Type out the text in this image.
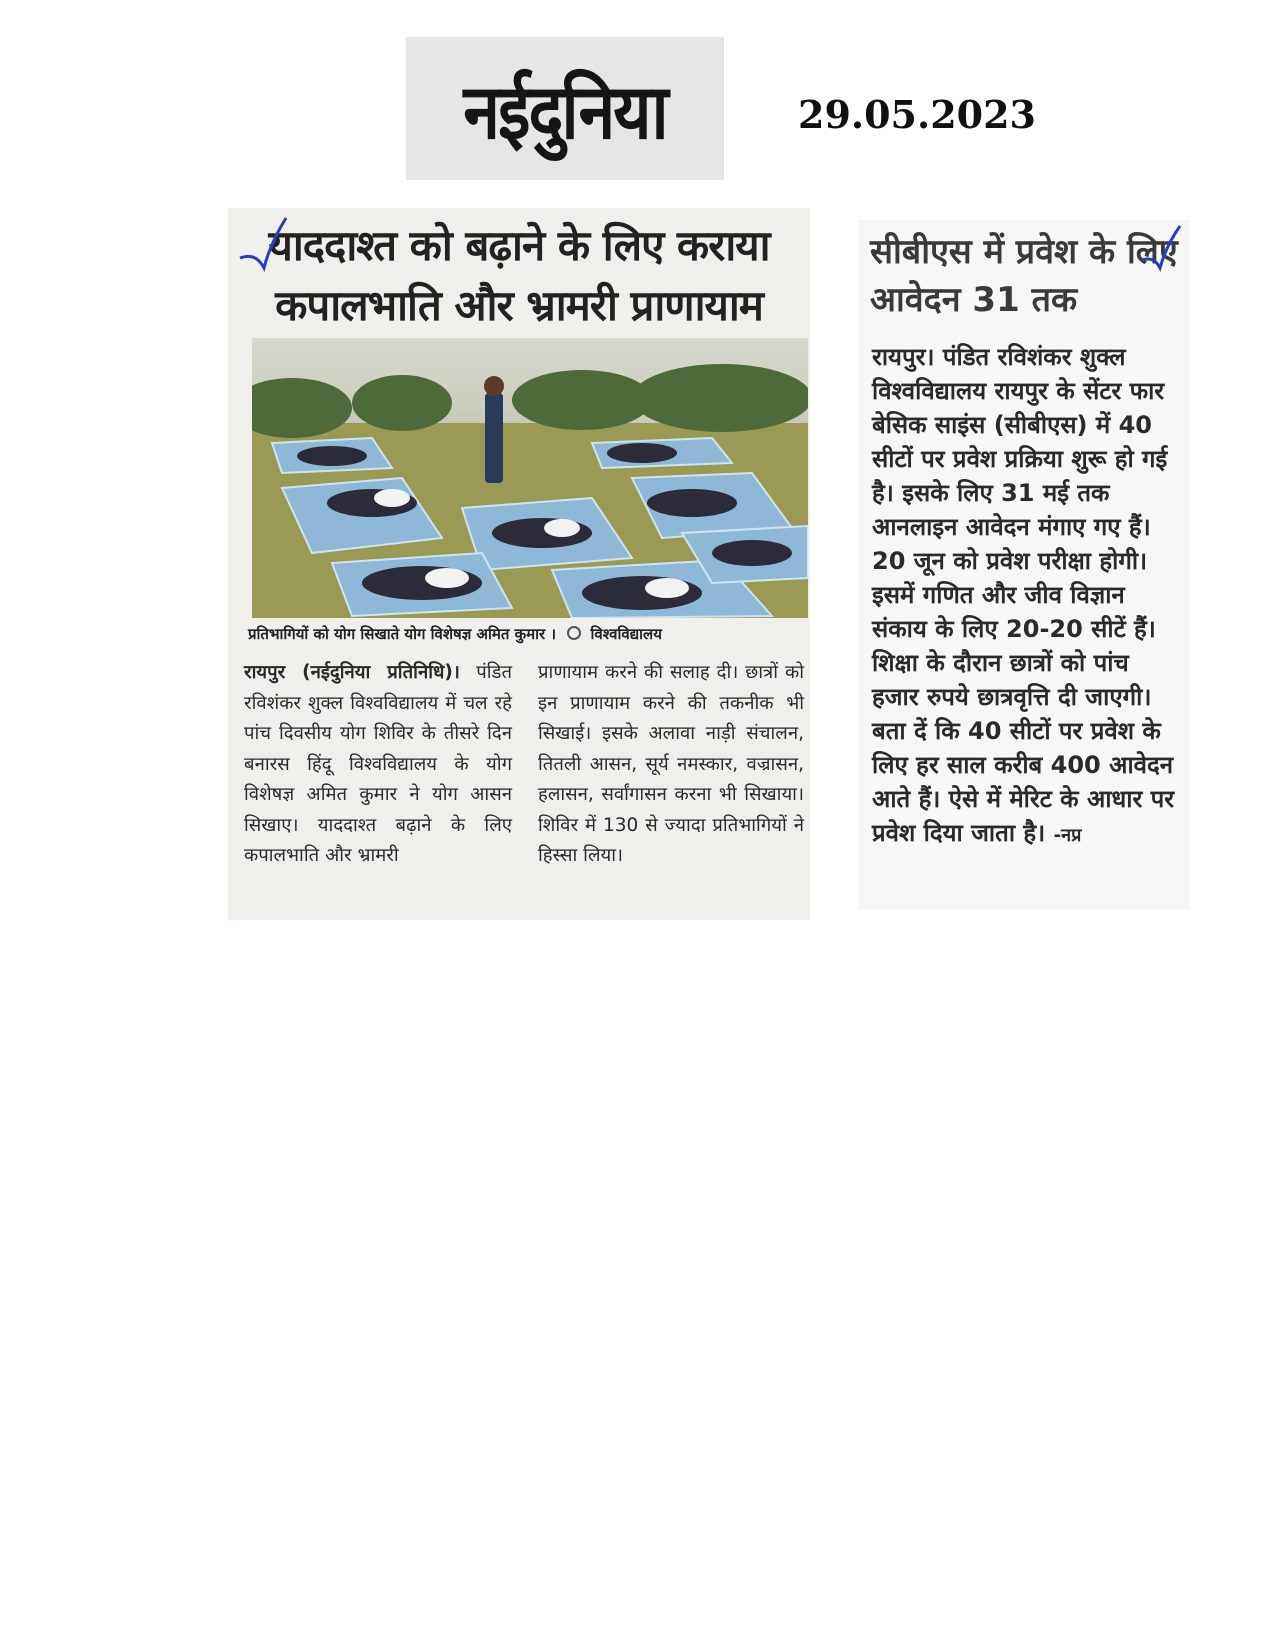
नईदुनिया	29.05.2023
याददाश्त को बढ़ाने के लिए कराया कपालभाति और भ्रामरी प्राणायाम
प्रतिभागियों को योग सिखाते योग विशेषज्ञ अमित कुमार । विश्वविद्यालय
रायपुर (नईदुनिया प्रतिनिधि)। पंडित रविशंकर शुक्ल विश्वविद्यालय में चल रहे पांच दिवसीय योग शिविर के तीसरे दिन बनारस हिंदू विश्वविद्यालय के योग विशेषज्ञ अमित कुमार ने योग आसन सिखाए। याददाश्त बढ़ाने के लिए कपालभाति और भ्रामरी
प्राणायाम करने की सलाह दी। छात्रों को इन प्राणायाम करने की तकनीक भी सिखाई। इसके अलावा नाड़ी संचालन, तितली आसन, सूर्य नमस्कार, वज्रासन, हलासन, सर्वांगासन करना भी सिखाया। शिविर में 130 से ज्यादा प्रतिभागियों ने हिस्सा लिया।
सीबीएस में प्रवेश के लिए आवेदन 31 तक
रायपुर। पंडित रविशंकर शुक्ल विश्वविद्यालय रायपुर के सेंटर फार बेसिक साइंस (सीबीएस) में 40 सीटों पर प्रवेश प्रक्रिया शुरू हो गई है। इसके लिए 31 मई तक आनलाइन आवेदन मंगाए गए हैं। 20 जून को प्रवेश परीक्षा होगी। इसमें गणित और जीव विज्ञान संकाय के लिए 20-20 सीटें हैं। शिक्षा के दौरान छात्रों को पांच हजार रुपये छात्रवृत्ति दी जाएगी। बता दें कि 40 सीटों पर प्रवेश के लिए हर साल करीब 400 आवेदन आते हैं। ऐसे में मेरिट के आधार पर प्रवेश दिया जाता है। -नप्र
